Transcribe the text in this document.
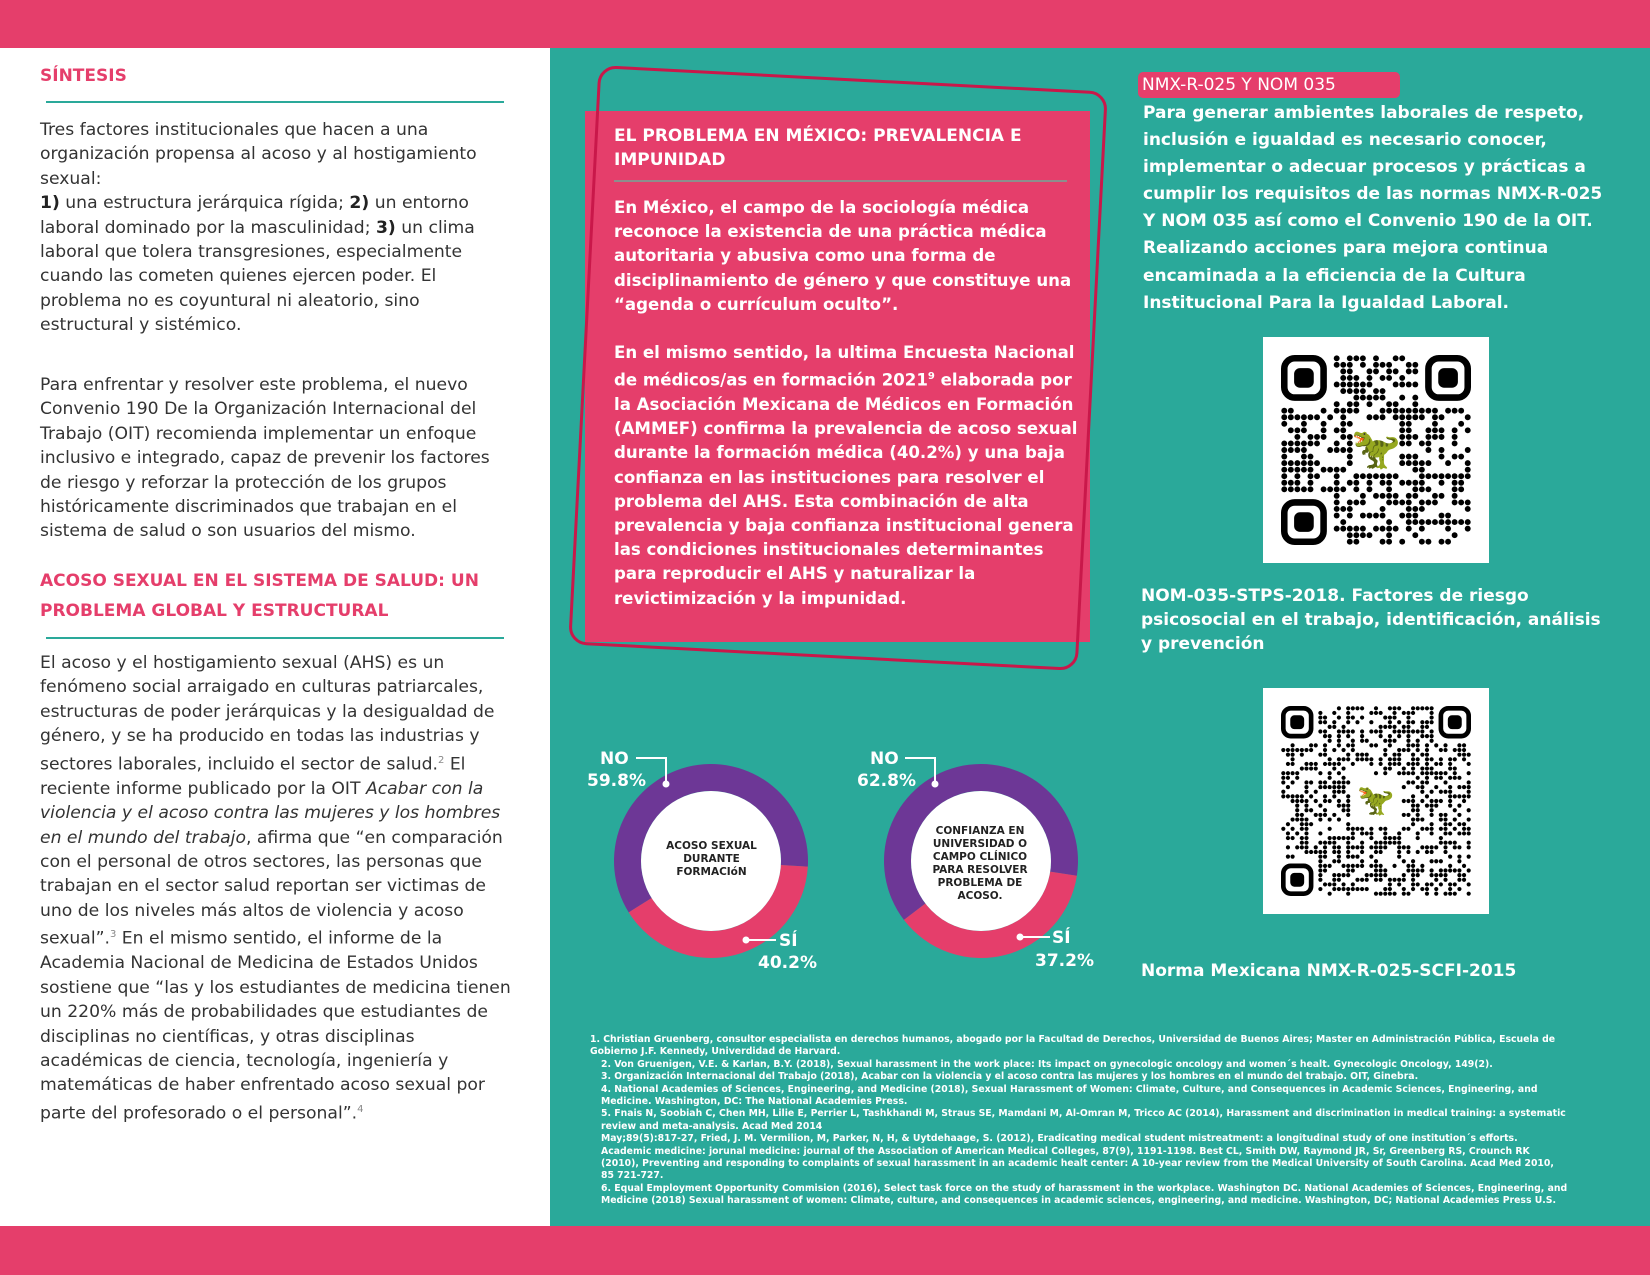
SÍNTESIS
Tres factores institucionales que hacen a una organización propensa al acoso y al hostigamiento sexual:
1) una estructura jerárquica rígida; 2) un entorno laboral dominado por la masculinidad; 3) un clima laboral que tolera transgresiones, especialmente cuando las cometen quienes ejercen poder. El problema no es coyuntural ni aleatorio, sino estructural y sistémico.
Para enfrentar y resolver este problema, el nuevo Convenio 190 De la Organización Internacional del Trabajo (OIT) recomienda implementar un enfoque inclusivo e integrado, capaz de prevenir los factores de riesgo y reforzar la protección de los grupos históricamente discriminados que trabajan en el sistema de salud o son usuarios del mismo.
ACOSO SEXUAL EN EL SISTEMA DE SALUD: UN
PROBLEMA GLOBAL Y ESTRUCTURAL
El acoso y el hostigamiento sexual (AHS) es un fenómeno social arraigado en culturas patriarcales, estructuras de poder jerárquicas y la desigualdad de género, y se ha producido en todas las industrias y sectores laborales, incluido el sector de salud.$^2$ El reciente informe publicado por la OIT Acabar con la violencia y el acoso contra las mujeres y los hombres en el mundo del trabajo, afirma que “en comparación con el personal de otros sectores, las personas que trabajan en el sector salud reportan ser victimas de uno de los niveles más altos de violencia y acoso sexual”.$^3$ En el mismo sentido, el informe de la Academia Nacional de Medicina de Estados Unidos sostiene que “las y los estudiantes de medicina tienen un 220% más de probabilidades que estudiantes de disciplinas no científicas, y otras disciplinas académicas de ciencia, tecnología, ingeniería y matemáticas de haber enfrentado acoso sexual por parte del profesorado o el personal”.$^4$
EL PROBLEMA EN MÉXICO: PREVALENCIA E IMPUNIDAD
En México, el campo de la sociología médica reconoce la existencia de una práctica médica autoritaria y abusiva como una forma de disciplinamiento de género y que constituye una “agenda o currículum oculto”.
En el mismo sentido, la ultima Encuesta Nacional de médicos/as en formación 2021$^9$ elaborada por la Asociación Mexicana de Médicos en Formación (AMMEF) confirma la prevalencia de acoso sexual durante la formación médica (40.2%) y una baja confianza en las instituciones para resolver el problema del AHS. Esta combinación de alta prevalencia y baja confianza institucional genera las condiciones institucionales determinantes para reproducir el AHS y naturalizar la revictimización y la impunidad.
NMX-R-025 Y NOM 035
Para generar ambientes laborales de respeto, inclusión e igualdad es necesario conocer, implementar o adecuar procesos y prácticas a cumplir los requisitos de las normas NMX-R-025 Y NOM 035 así como el Convenio 190 de la OIT. Realizando acciones para mejora continua encaminada a la eficiencia de la Cultura Institucional Para la Igualdad Laboral.
🦖
NOM-035-STPS-2018. Factores de riesgo psicosocial en el trabajo, identificación, análisis y prevención
🦖
Norma Mexicana NMX-R-025-SCFI-2015
ACOSO SEXUAL DURANTE FORMACIóN
NO
59.8%
SÍ
40.2%
CONFIANZA EN UNIVERSIDAD O CAMPO CLÍNICO PARA RESOLVER PROBLEMA DE ACOSO.
NO
62.8%
SÍ
37.2%
1. Christian Gruenberg, consultor especialista en derechos humanos, abogado por la Facultad de Derechos, Universidad de Buenos Aires; Master en Administración Pública, Escuela de Gobierno J.F. Kennedy, Univerdidad de Harvard.
2. Von Gruenigen, V.E. & Karlan, B.Y. (2018), Sexual harassment in the work place: Its impact on gynecologic oncology and women´s healt. Gynecologic Oncology, 149(2).
3. Organización Internacional del Trabajo (2018), Acabar con la violencia y el acoso contra las mujeres y los hombres en el mundo del trabajo. OIT, Ginebra.
4. National Academies of Sciences, Engineering, and Medicine (2018), Sexual Harassment of Women: Climate, Culture, and Consequences in Academic Sciences, Engineering, and Medicine. Washington, DC: The National Academies Press.
5. Fnais N, Soobiah C, Chen MH, Lilie E, Perrier L, Tashkhandi M, Straus SE, Mamdani M, Al-Omran M, Tricco AC (2014), Harassment and discrimination in medical training: a systematic review and meta-analysis. Acad Med 2014
May;89(5):817-27, Fried, J. M. Vermilion, M, Parker, N, H, & Uytdehaage, S. (2012), Eradicating medical student mistreatment: a longitudinal study of one institution´s efforts. Academic medicine: jorunal medicine: journal of the Association of American Medical Colleges, 87(9), 1191-1198. Best CL, Smith DW, Raymond JR, Sr, Greenberg RS, Crounch RK (2010), Preventing and responding to complaints of sexual harassment in an academic healt center: A 10-year review from the Medical University of South Carolina. Acad Med 2010, 85 721-727.
6. Equal Employment Opportunity Commision (2016), Select task force on the study of harassment in the workplace. Washington DC. National Academies of Sciences, Engineering, and Medicine (2018) Sexual harassment of women: Climate, culture, and consequences in academic sciences, engineering, and medicine. Washington, DC; National Academies Press U.S.
